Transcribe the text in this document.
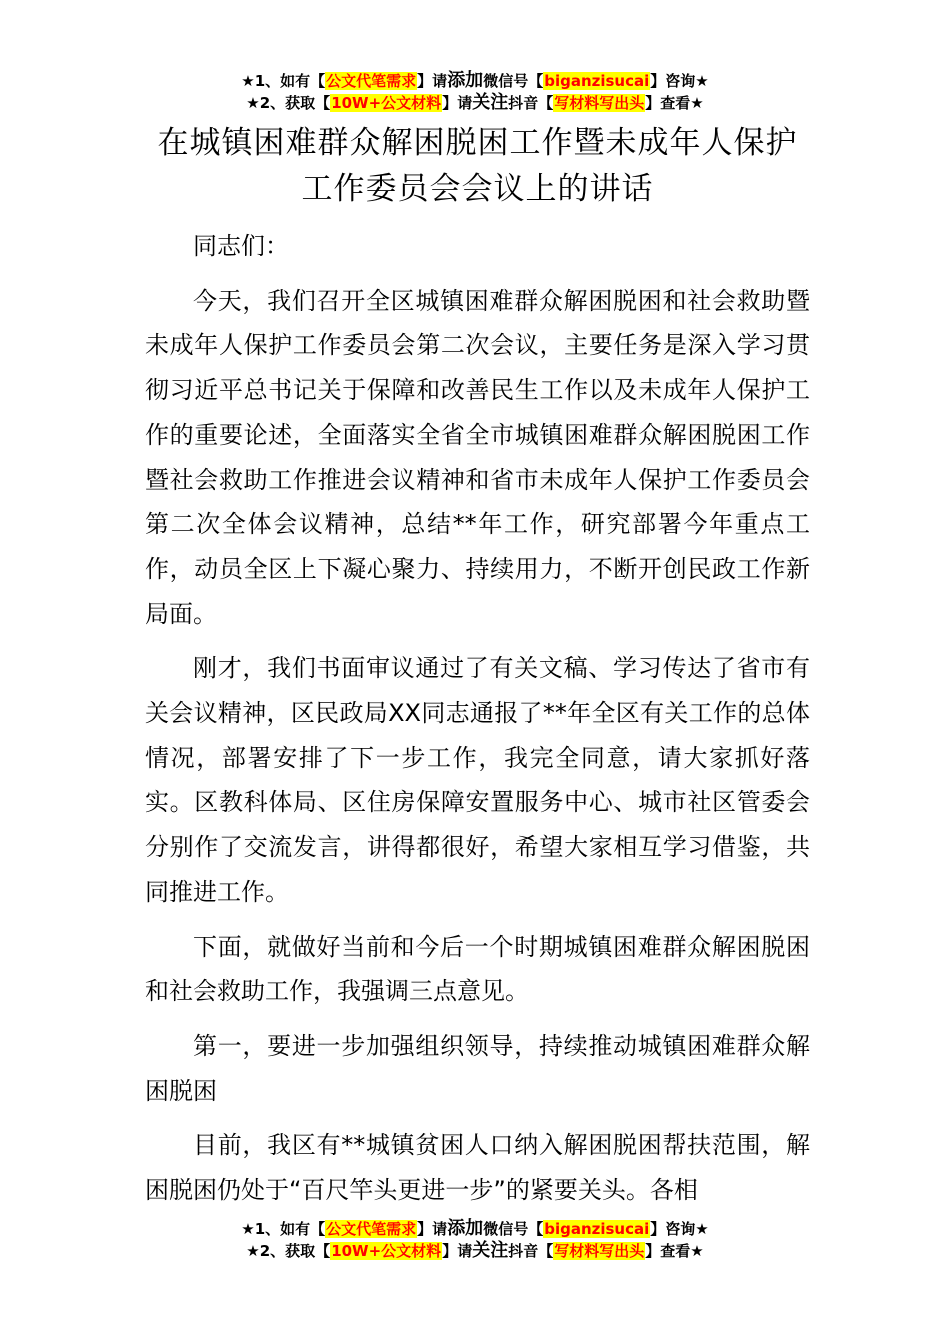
★1、如有【公文代笔需求】请添加微信号【biganzisucai】咨询★
★2、获取【10W+公文材料】请关注抖音【写材料写出头】查看★
在城镇困难群众解困脱困工作暨未成年人保护工作委员会会议上的讲话

同志们：

今天，我们召开全区城镇困难群众解困脱困和社会救助暨未成年人保护工作委员会第二次会议，主要任务是深入学习贯彻习近平总书记关于保障和改善民生工作以及未成年人保护工作的重要论述，全面落实全省全市城镇困难群众解困脱困工作暨社会救助工作推进会议精神和省市未成年人保护工作委员会第二次全体会议精神，总结**年工作，研究部署今年重点工作，动员全区上下凝心聚力、持续用力，不断开创民政工作新局面。

刚才，我们书面审议通过了有关文稿、学习传达了省市有关会议精神，区民政局XX同志通报了**年全区有关工作的总体情况，部署安排了下一步工作，我完全同意，请大家抓好落实。区教科体局、区住房保障安置服务中心、城市社区管委会分别作了交流发言，讲得都很好，希望大家相互学习借鉴，共同推进工作。

下面，就做好当前和今后一个时期城镇困难群众解困脱困和社会救助工作，我强调三点意见。

第一，要进一步加强组织领导，持续推动城镇困难群众解困脱困

目前，我区有**城镇贫困人口纳入解困脱困帮扶范围，解困脱困仍处于“百尺竿头更进一步”的紧要关头。各相

★1、如有【公文代笔需求】请添加微信号【biganzisucai】咨询★
★2、获取【10W+公文材料】请关注抖音【写材料写出头】查看★
